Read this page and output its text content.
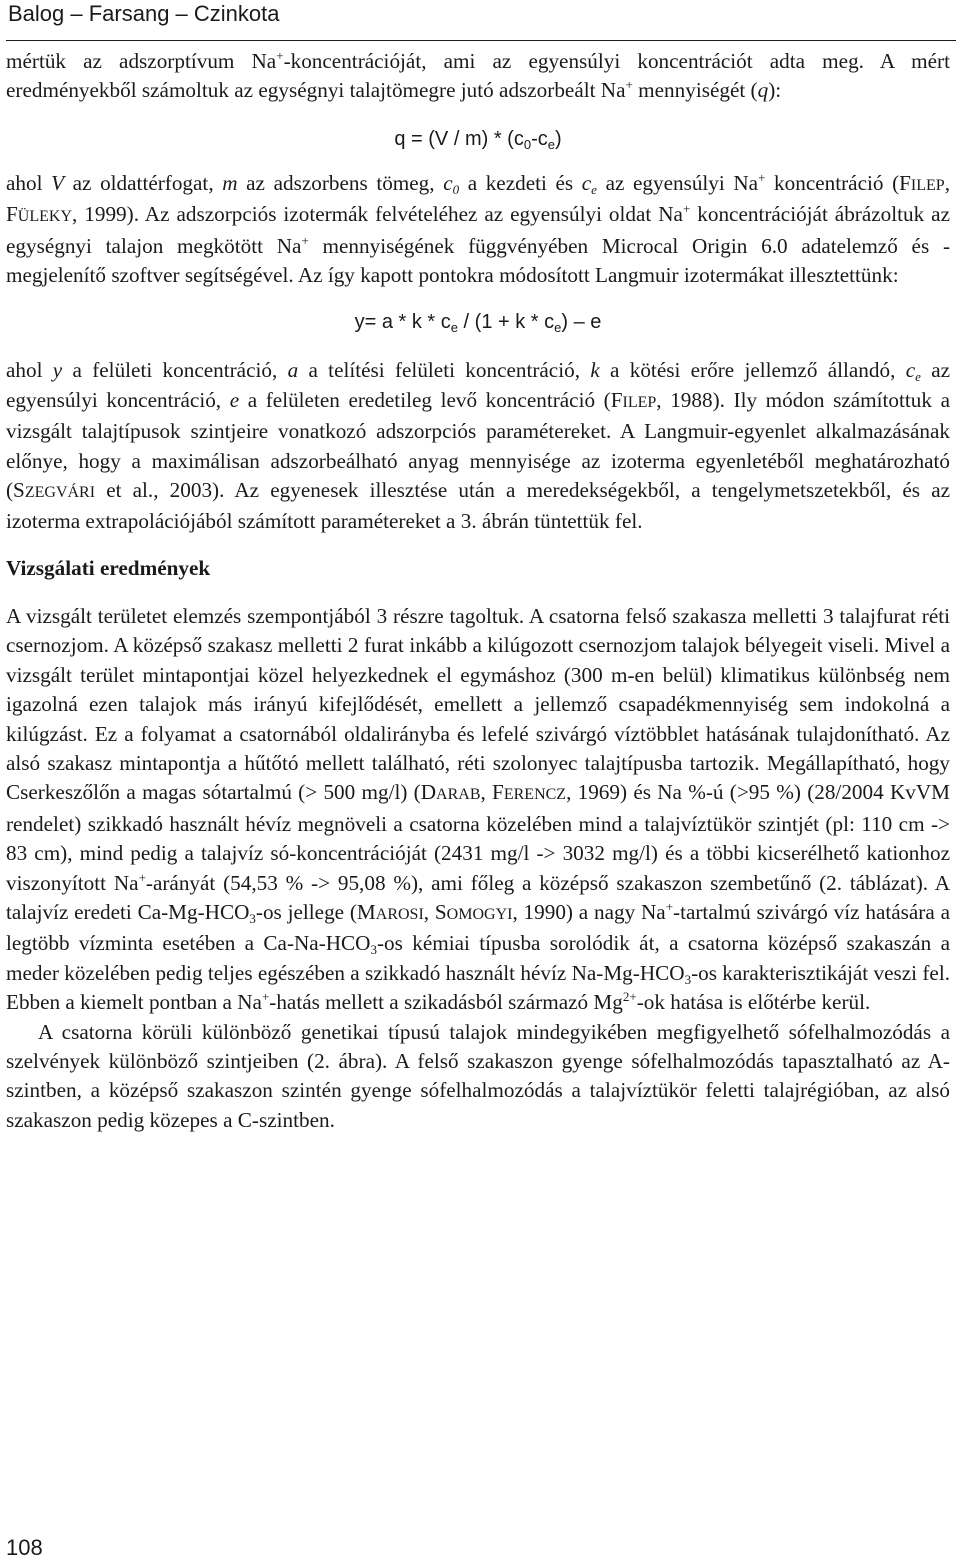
Balog – Farsang – Czinkota

mértük az adszorptívum Na+-koncentrációját, ami az egyensúlyi koncentrációt adta meg. A mért eredményekből számoltuk az egységnyi talajtömegre jutó adszorbeált Na+ mennyiségét (q):

$q = (V / m) * (c_0-c_e)$

ahol V az oldattérfogat, m az adszorbens tömeg, $c_0$ a kezdeti és $c_e$ az egyensúlyi Na+ koncentráció (FILEP, FÜLEKY, 1999). Az adszorpciós izotermák felvételéhez az egyensúlyi oldat Na+ koncentrációját ábrázoltuk az egységnyi talajon megkötött Na+ mennyiségének függvényében Microcal Origin 6.0 adatelemző és -megjelenítő szoftver segítségével. Az így kapott pontokra módosított Langmuir izotermákat illesztettünk:

$y= a * k * c_e / (1 + k * c_e) - e$

ahol y a felületi koncentráció, a a telítési felületi koncentráció, k a kötési erőre jellemző állandó, $c_e$ az egyensúlyi koncentráció, e a felületen eredetileg levő koncentráció (FILEP, 1988). Ily módon számítottuk a vizsgált talajtípusok szintjeire vonatkozó adszorpciós paramétereket. A Langmuir-egyenlet alkalmazásának előnye, hogy a maximálisan adszorbeálható anyag mennyisége az izoterma egyenletéből meghatározható (SZEGVÁRI et al., 2003). Az egyenesek illesztése után a meredekségekből, a tengelymetszetekből, és az izoterma extrapolációjából számított paramétereket a 3. ábrán tüntettük fel.

Vizsgálati eredmények

A vizsgált területet elemzés szempontjából 3 részre tagoltuk. A csatorna felső szakasza melletti 3 talajfurat réti csernozjom. A középső szakasz melletti 2 furat inkább a kilúgozott csernozjom talajok bélyegeit viseli. Mivel a vizsgált terület mintapontjai közel helyezkednek el egymáshoz (300 m-en belül) klimatikus különbség nem igazolná ezen talajok más irányú kifejlődését, emellett a jellemző csapadékmennyiség sem indokolná a kilúgzást. Ez a folyamat a csatornából oldalirányba és lefelé szivárgó víztöbblet hatásának tulajdonítható. Az alsó szakasz mintapontja a hűtőtó mellett található, réti szolonyec talajtípusba tartozik. Megállapítható, hogy Cserkeszőlőn a magas sótartalmú (> 500 mg/l) (DARAB, FERENCZ, 1969) és Na %-ú (>95 %) (28/2004 KvVM rendelet) szikkadó használt hévíz megnöveli a csatorna közelében mind a talajvíztükör szintjét (pl: 110 cm -> 83 cm), mind pedig a talajvíz só-koncentrációját (2431 mg/l -> 3032 mg/l) és a többi kicserélhető kationhoz viszonyított Na+-arányát (54,53 % -> 95,08 %), ami főleg a középső szakaszon szembetűnő (2. táblázat). A talajvíz eredeti $Ca-Mg-HCO_3-os$ jellege (MAROSI, SOMOGYI, 1990) a nagy Na+-tartalmú szivárgó víz hatására a legtöbb vízminta esetében a $Ca-Na-HCO_3-os$ kémiai típusba sorolódik át, a csatorna középső szakaszán a meder közelében pedig teljes egészében a szikkadó használt hévíz $Na-Mg-HCO_3-os$ karakterisztikáját veszi fel. Ebben a kiemelt pontban a Na+-hatás mellett a szikadásból származó $Mg^{2+}-ok$ hatása is előtérbe kerül.

A csatorna körüli különböző genetikai típusú talajok mindegyikében megfigyelhető sófelhalmozódás a szelvények különböző szintjeiben (2. ábra). A felső szakaszon gyenge sófelhalmozódás tapasztalható az A-szintben, a középső szakaszon szintén gyenge sófelhalmozódás a talajvíztükör feletti talajrégióban, az alsó szakaszon pedig közepes a C-szintben.

108
